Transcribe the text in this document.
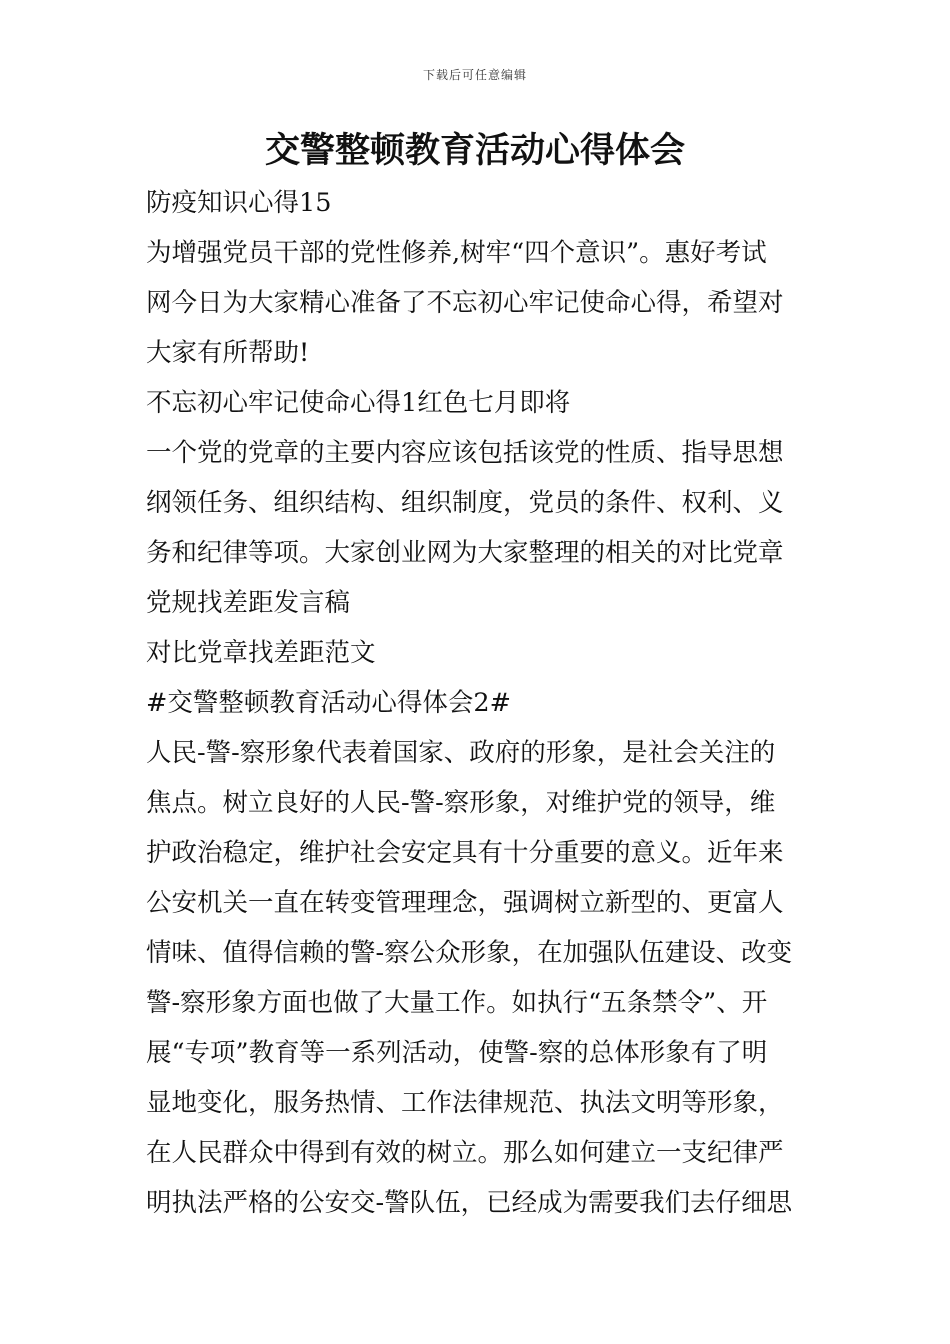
下载后可任意编辑
交警整顿教育活动心得体会
防疫知识心得15
为增强党员干部的党性修养,树牢“四个意识”。惠好考试
网今日为大家精心准备了不忘初心牢记使命心得，希望对
大家有所帮助!
不忘初心牢记使命心得1红色七月即将
一个党的党章的主要内容应该包括该党的性质、指导思想
纲领任务、组织结构、组织制度，党员的条件、权利、义
务和纪律等项。大家创业网为大家整理的相关的对比党章
党规找差距发言稿
对比党章找差距范文
#交警整顿教育活动心得体会2#
人民-警-察形象代表着国家、政府的形象，是社会关注的
焦点。树立良好的人民-警-察形象，对维护党的领导，维
护政治稳定，维护社会安定具有十分重要的意义。近年来
公安机关一直在转变管理理念，强调树立新型的、更富人
情味、值得信赖的警-察公众形象，在加强队伍建设、改变
警-察形象方面也做了大量工作。如执行“五条禁令”、开
展“专项”教育等一系列活动，使警-察的总体形象有了明
显地变化，服务热情、工作法律规范、执法文明等形象，
在人民群众中得到有效的树立。那么如何建立一支纪律严
明执法严格的公安交-警队伍，已经成为需要我们去仔细思
